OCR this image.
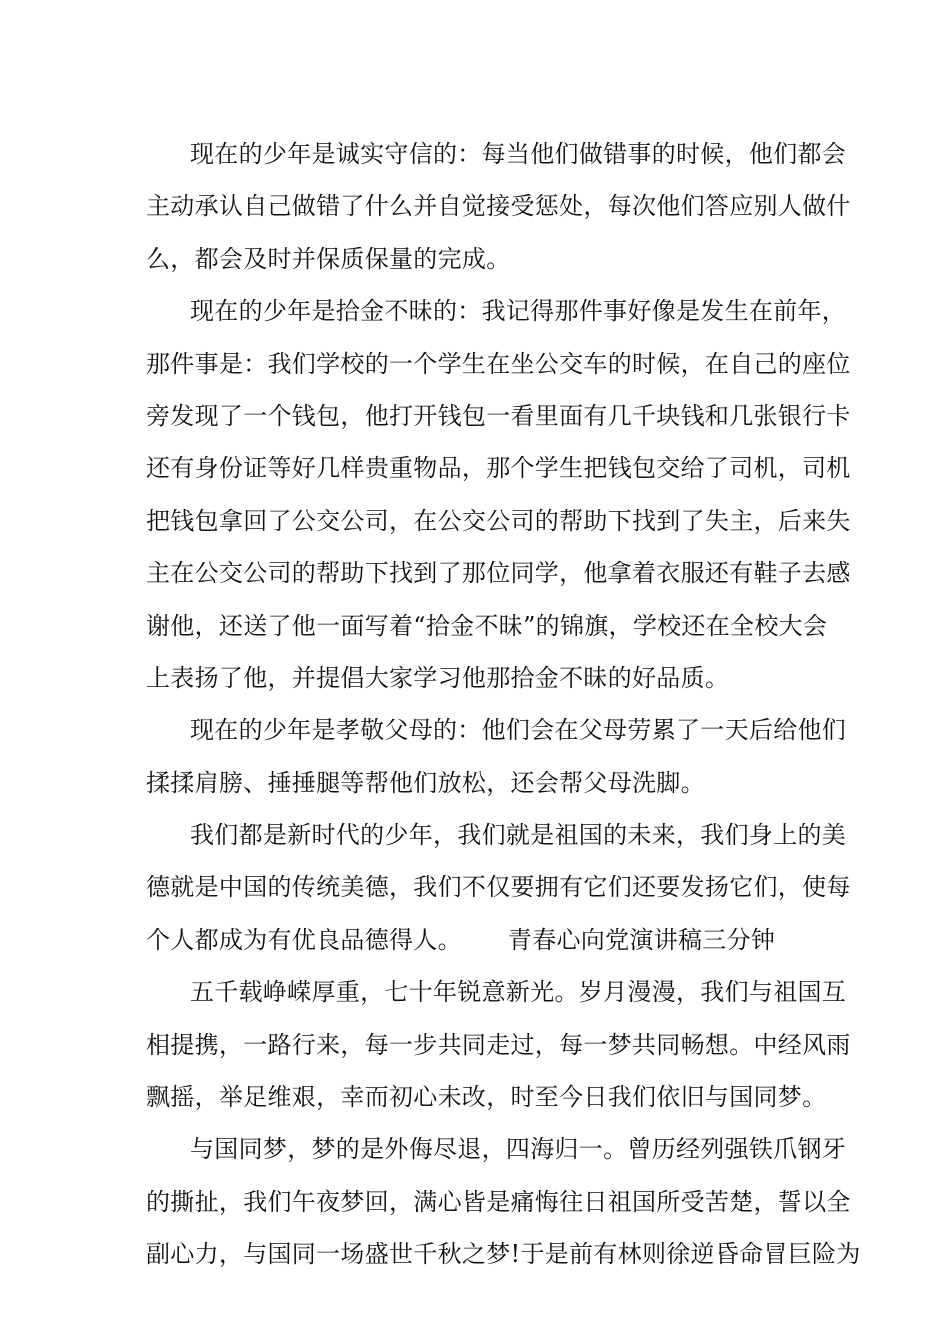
现在的少年是诚实守信的：每当他们做错事的时候，他们都会
主动承认自己做错了什么并自觉接受惩处，每次他们答应别人做什
么，都会及时并保质保量的完成。
现在的少年是拾金不昧的：我记得那件事好像是发生在前年，
那件事是：我们学校的一个学生在坐公交车的时候，在自己的座位
旁发现了一个钱包，他打开钱包一看里面有几千块钱和几张银行卡
还有身份证等好几样贵重物品，那个学生把钱包交给了司机，司机
把钱包拿回了公交公司，在公交公司的帮助下找到了失主，后来失
主在公交公司的帮助下找到了那位同学，他拿着衣服还有鞋子去感
谢他，还送了他一面写着“拾金不昧”的锦旗，学校还在全校大会
上表扬了他，并提倡大家学习他那拾金不昧的好品质。
现在的少年是孝敬父母的：他们会在父母劳累了一天后给他们
揉揉肩膀、捶捶腿等帮他们放松，还会帮父母洗脚。
我们都是新时代的少年，我们就是祖国的未来，我们身上的美
德就是中国的传统美德，我们不仅要拥有它们还要发扬它们，使每
个人都成为有优良品德得人。 青春心向党演讲稿三分钟
五千载峥嵘厚重，七十年锐意新光。岁月漫漫，我们与祖国互
相提携，一路行来，每一步共同走过，每一梦共同畅想。中经风雨
飘摇，举足维艰，幸而初心未改，时至今日我们依旧与国同梦。
与国同梦，梦的是外侮尽退，四海归一。曾历经列强铁爪钢牙
的撕扯，我们午夜梦回，满心皆是痛悔往日祖国所受苦楚，誓以全
副心力，与国同一场盛世千秋之梦!于是前有林则徐逆昏命冒巨险为
